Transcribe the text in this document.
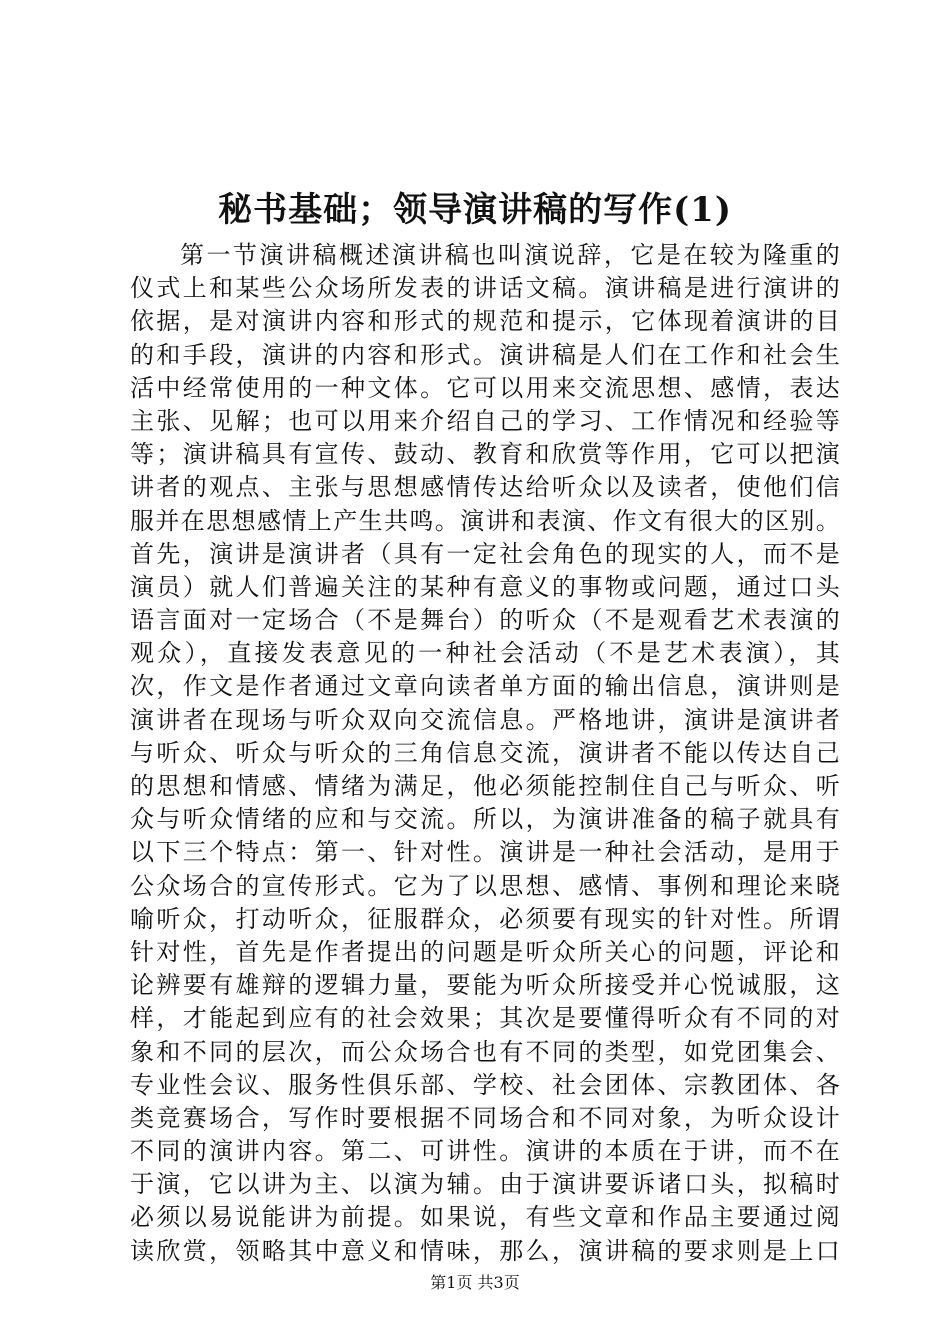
秘书基础；领导演讲稿的写作(1)
第一节演讲稿概述演讲稿也叫演说辞，它是在较为隆重的
仪式上和某些公众场所发表的讲话文稿。演讲稿是进行演讲的
依据，是对演讲内容和形式的规范和提示，它体现着演讲的目
的和手段，演讲的内容和形式。演讲稿是人们在工作和社会生
活中经常使用的一种文体。它可以用来交流思想、感情，表达
主张、见解；也可以用来介绍自己的学习、工作情况和经验等
等；演讲稿具有宣传、鼓动、教育和欣赏等作用，它可以把演
讲者的观点、主张与思想感情传达给听众以及读者，使他们信
服并在思想感情上产生共鸣。演讲和表演、作文有很大的区别。
首先，演讲是演讲者（具有一定社会角色的现实的人，而不是
演员）就人们普遍关注的某种有意义的事物或问题，通过口头
语言面对一定场合（不是舞台）的听众（不是观看艺术表演的
观众），直接发表意见的一种社会活动（不是艺术表演），其
次，作文是作者通过文章向读者单方面的输出信息，演讲则是
演讲者在现场与听众双向交流信息。严格地讲，演讲是演讲者
与听众、听众与听众的三角信息交流，演讲者不能以传达自己
的思想和情感、情绪为满足，他必须能控制住自己与听众、听
众与听众情绪的应和与交流。所以，为演讲准备的稿子就具有
以下三个特点：第一、针对性。演讲是一种社会活动，是用于
公众场合的宣传形式。它为了以思想、感情、事例和理论来晓
喻听众，打动听众，征服群众，必须要有现实的针对性。所谓
针对性，首先是作者提出的问题是听众所关心的问题，评论和
论辨要有雄辩的逻辑力量，要能为听众所接受并心悦诚服，这
样，才能起到应有的社会效果；其次是要懂得听众有不同的对
象和不同的层次，而公众场合也有不同的类型，如党团集会、
专业性会议、服务性俱乐部、学校、社会团体、宗教团体、各
类竞赛场合，写作时要根据不同场合和不同对象，为听众设计
不同的演讲内容。第二、可讲性。演讲的本质在于讲，而不在
于演，它以讲为主、以演为辅。由于演讲要诉诸口头，拟稿时
必须以易说能讲为前提。如果说，有些文章和作品主要通过阅
读欣赏，领略其中意义和情味，那么，演讲稿的要求则是上口
第1页 共3页
